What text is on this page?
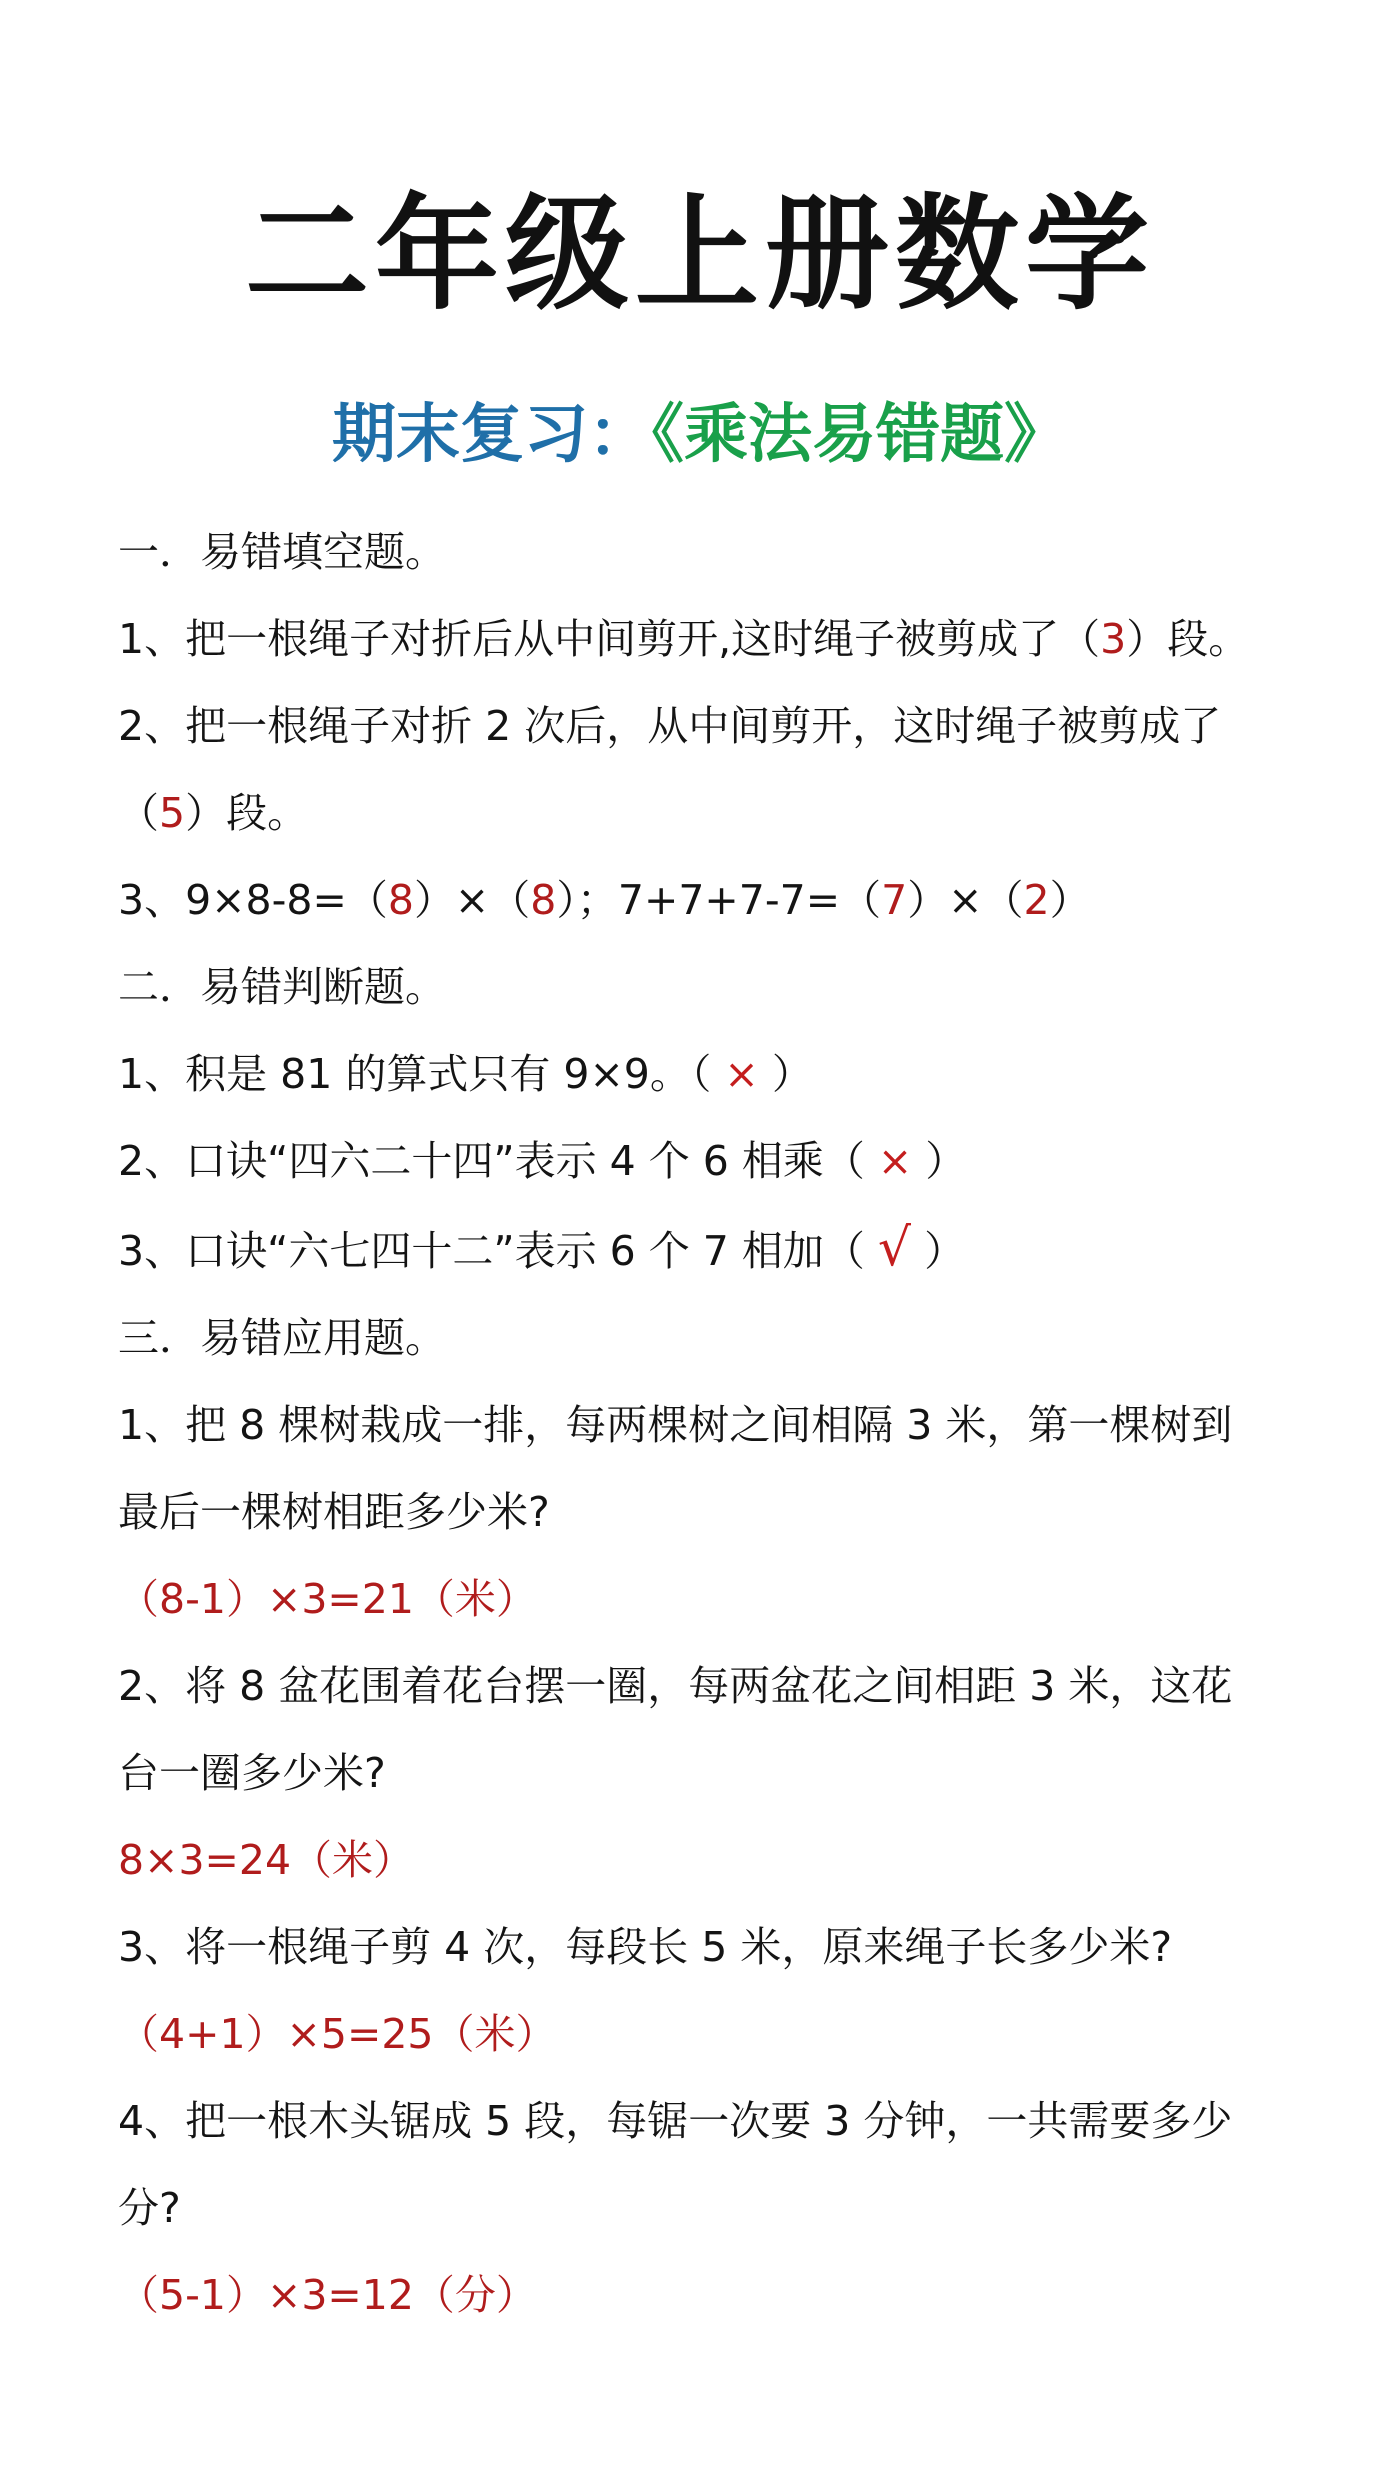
二年级上册数学
期末复习：《乘法易错题》
一．易错填空题。
1、把一根绳子对折后从中间剪开,这时绳子被剪成了（3）段。
2、把一根绳子对折 2 次后，从中间剪开，这时绳子被剪成了
（5）段。
3、9×8-8=（8）×（8）；7+7+7-7=（7）×（2）
二．易错判断题。
1、积是 81 的算式只有 9×9。（ × ）
2、口诀“四六二十四”表示 4 个 6 相乘（ × ）
3、口诀“六七四十二”表示 6 个 7 相加（ √ ）
三．易错应用题。
1、把 8 棵树栽成一排，每两棵树之间相隔 3 米，第一棵树到
最后一棵树相距多少米?
（8-1）×3=21（米）
2、将 8 盆花围着花台摆一圈，每两盆花之间相距 3 米，这花
台一圈多少米?
8×3=24（米）
3、将一根绳子剪 4 次，每段长 5 米，原来绳子长多少米?
（4+1）×5=25（米）
4、把一根木头锯成 5 段，每锯一次要 3 分钟，一共需要多少
分?
（5-1）×3=12（分）
